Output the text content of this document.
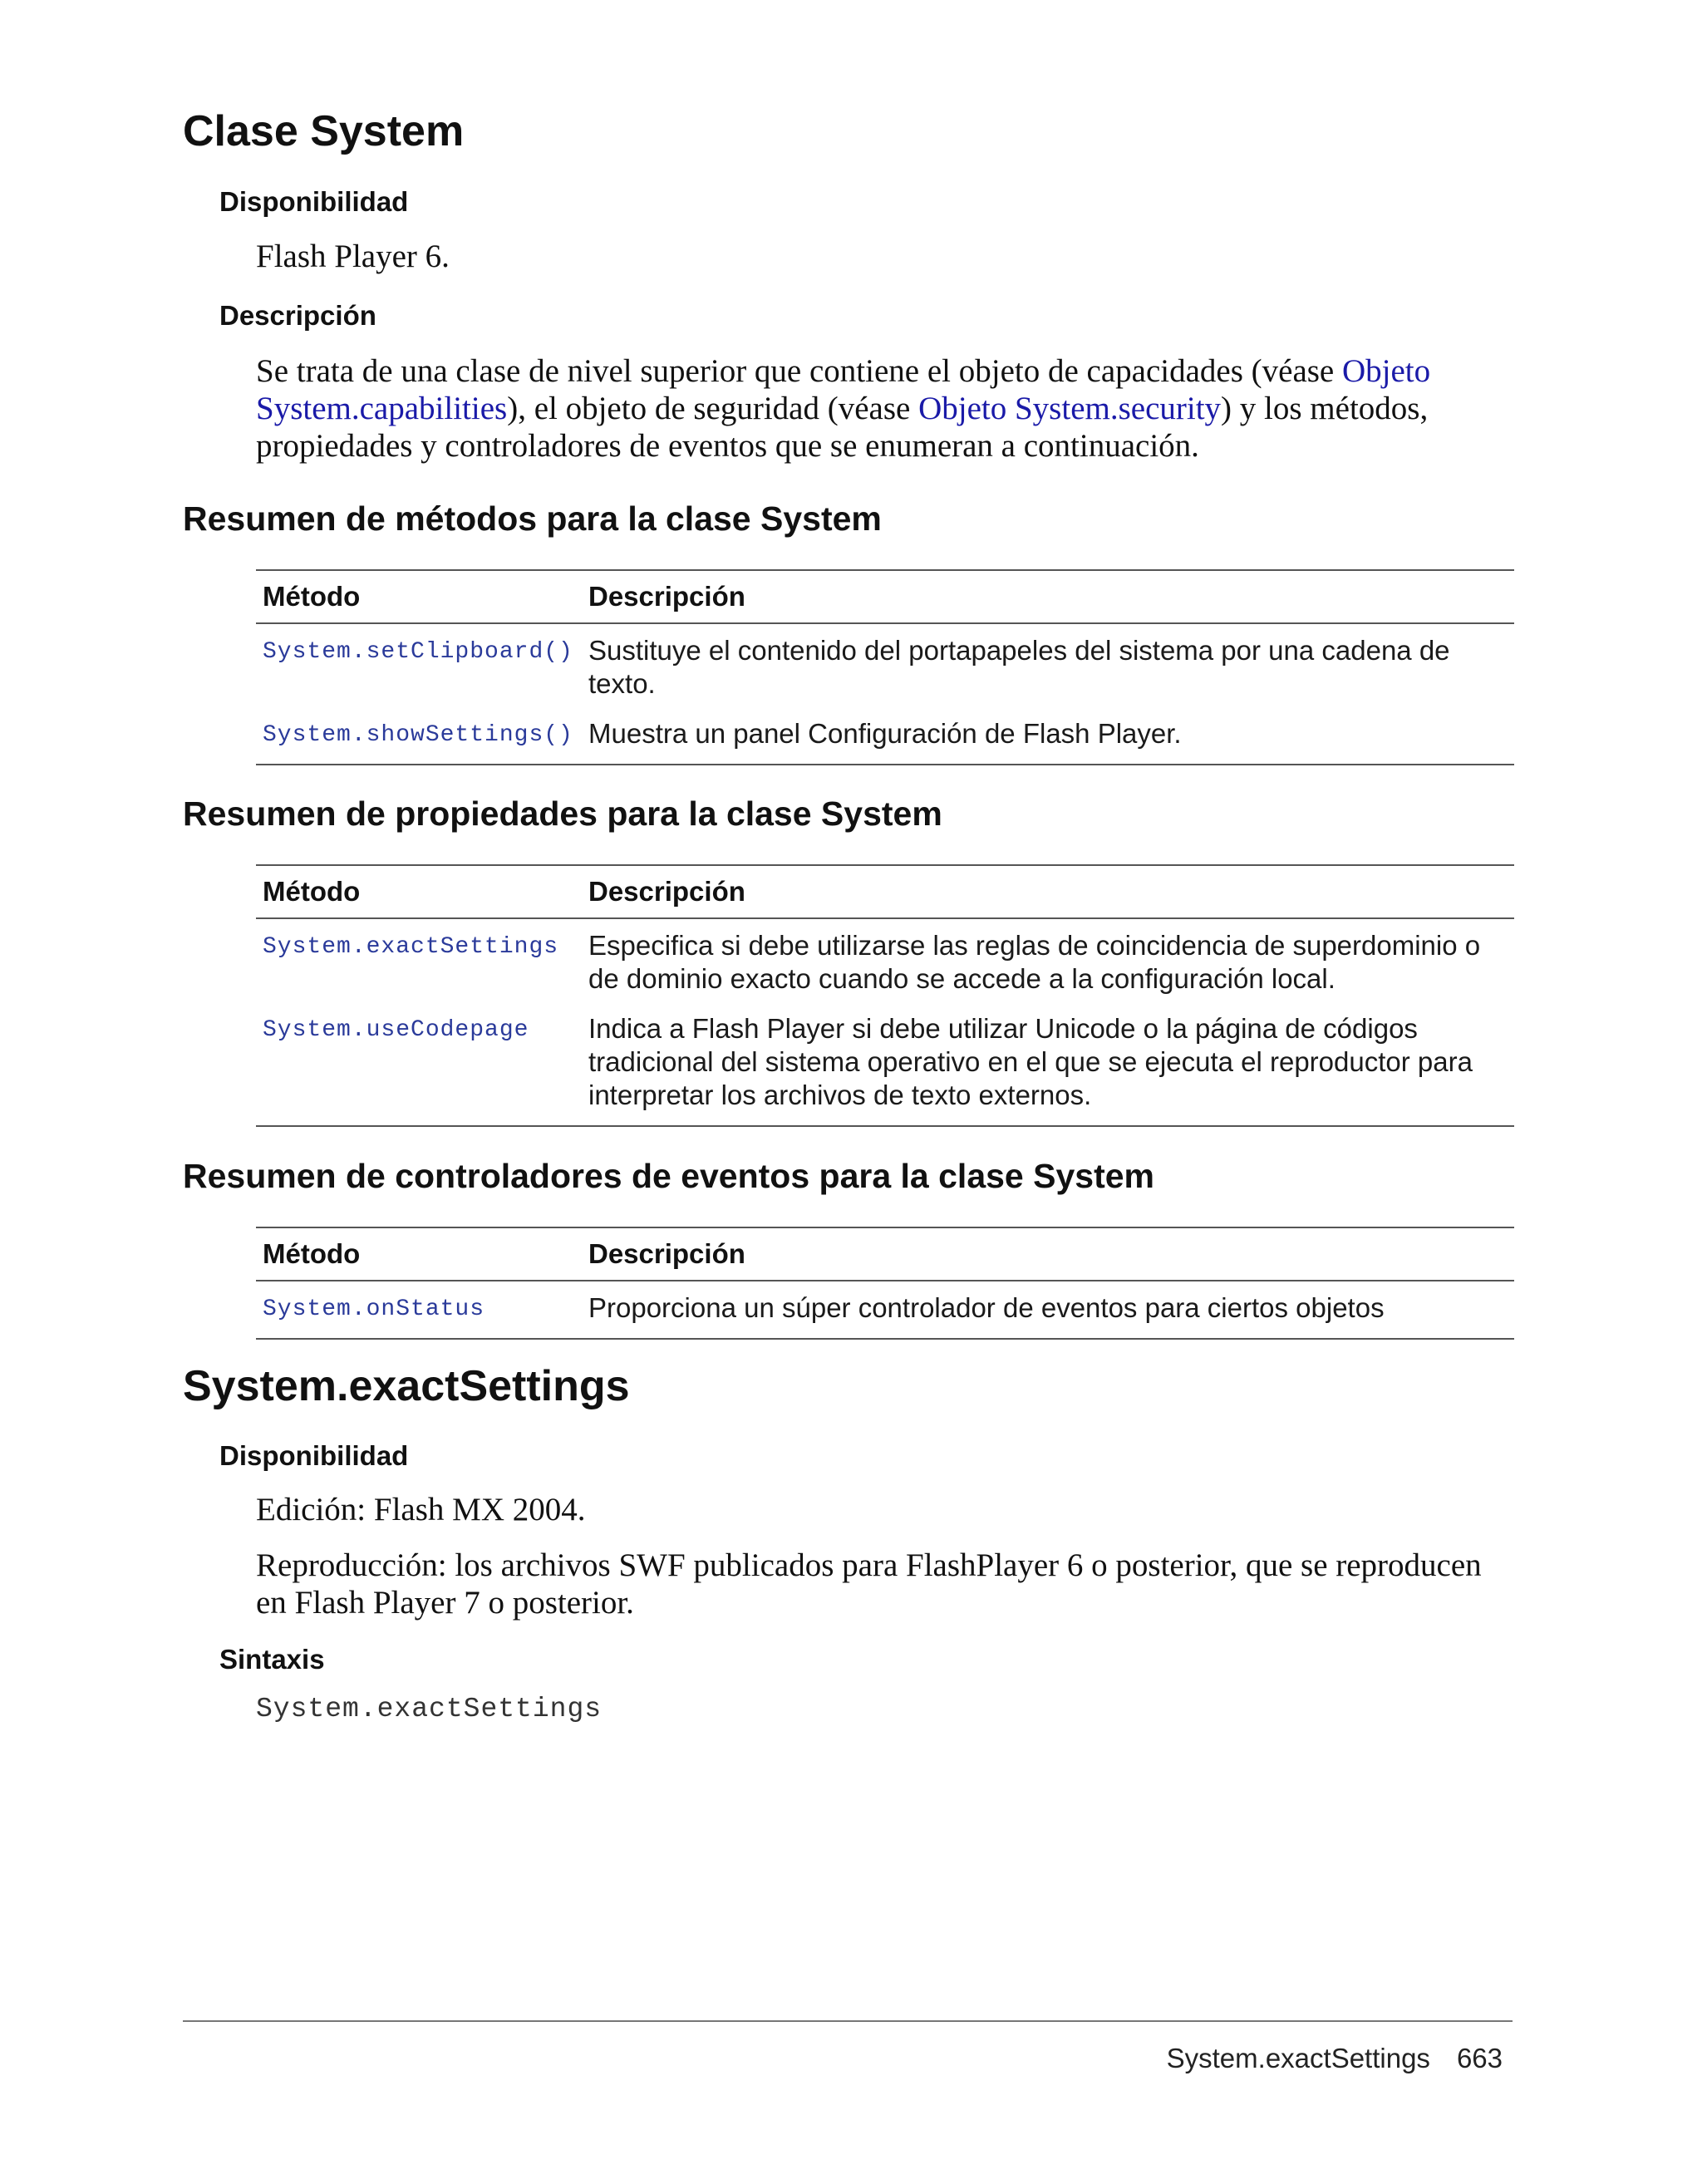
Clase System
Disponibilidad

Flash Player 6.

Descripción

Se trata de una clase de nivel superior que contiene el objeto de capacidades (véase Objeto System.capabilities), el objeto de seguridad (véase Objeto System.security) y los métodos, propiedades y controladores de eventos que se enumeran a continuación.

Resumen de métodos para la clase System
Método	Descripción
System.setClipboard() Sustituye el contenido del portapapeles del sistema por una cadena de texto.
System.showSettings() Muestra un panel Configuración de Flash Player.
Resumen de propiedades para la clase System
Método	Descripción
System.exactSettings	Especifica si debe utilizarse las reglas de coincidencia de superdominio o de dominio exacto cuando se accede a la configuración local.
System.useCodepage	Indica a Flash Player si debe utilizar Unicode o la página de códigos tradicional del sistema operativo en el que se ejecuta el reproductor para interpretar los archivos de texto externos.
Resumen de controladores de eventos para la clase System
Método	Descripción
System.onStatus	Proporciona un súper controlador de eventos para ciertos objetos
System.exactSettings
Disponibilidad

Edición: Flash MX 2004.

Reproducción: los archivos SWF publicados para FlashPlayer 6 o posterior, que se reproducen en Flash Player 7 o posterior.

Sintaxis
System.exactSettings
System.exactSettings 663
